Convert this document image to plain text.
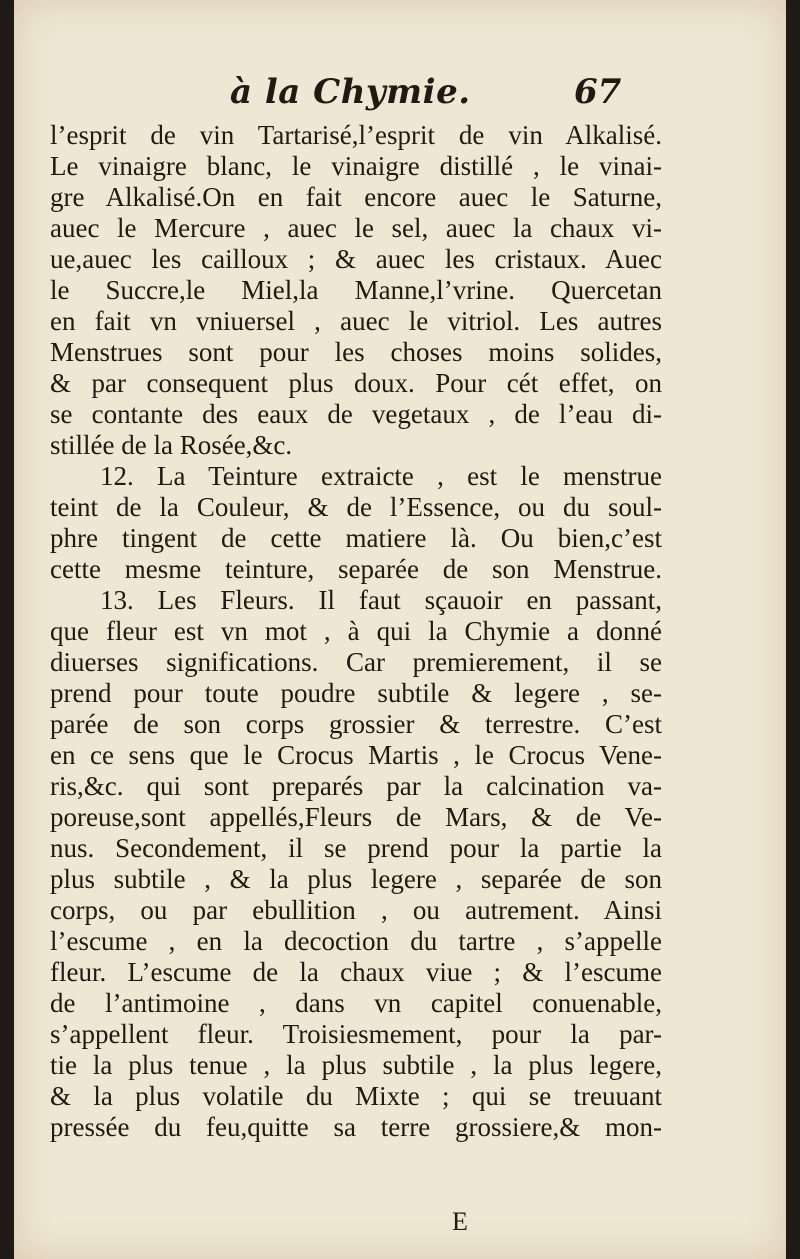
à la Chymie.	67
l’esprit de vin Tartarisé,l’esprit de vin Alkalisé.
Le vinaigre blanc, le vinaigre distillé , le vinai-
gre Alkalisé.On en fait encore auec le Saturne,
auec le Mercure , auec le sel, auec la chaux vi-
ue,auec les cailloux ; & auec les cristaux. Auec
le Succre,le Miel,la Manne,l’vrine. Quercetan
en fait vn vniuersel , auec le vitriol. Les autres
Menstrues sont pour les choses moins solides,
& par consequent plus doux. Pour cét effet, on
se contante des eaux de vegetaux , de l’eau di-
stillée de la Rosée,&c.
12. La Teinture extraicte , est le menstrue
teint de la Couleur, & de l’Essence, ou du soul-
phre tingent de cette matiere là. Ou bien,c’est
cette mesme teinture, separée de son Menstrue.
13. Les Fleurs. Il faut sçauoir en passant,
que fleur est vn mot , à qui la Chymie a donné
diuerses significations. Car premierement, il se
prend pour toute poudre subtile & legere , se-
parée de son corps grossier & terrestre. C’est
en ce sens que le Crocus Martis , le Crocus Vene-
ris,&c. qui sont preparés par la calcination va-
poreuse,sont appellés,Fleurs de Mars, & de Ve-
nus. Secondement, il se prend pour la partie la
plus subtile , & la plus legere , separée de son
corps, ou par ebullition , ou autrement. Ainsi
l’escume , en la decoction du tartre , s’appelle
fleur. L’escume de la chaux viue ; & l’escume
de l’antimoine , dans vn capitel conuenable,
s’appellent fleur. Troisiesmement, pour la par-
tie la plus tenue , la plus subtile , la plus legere,
& la plus volatile du Mixte ; qui se treuuant
pressée du feu,quitte sa terre grossiere,& mon-
E
